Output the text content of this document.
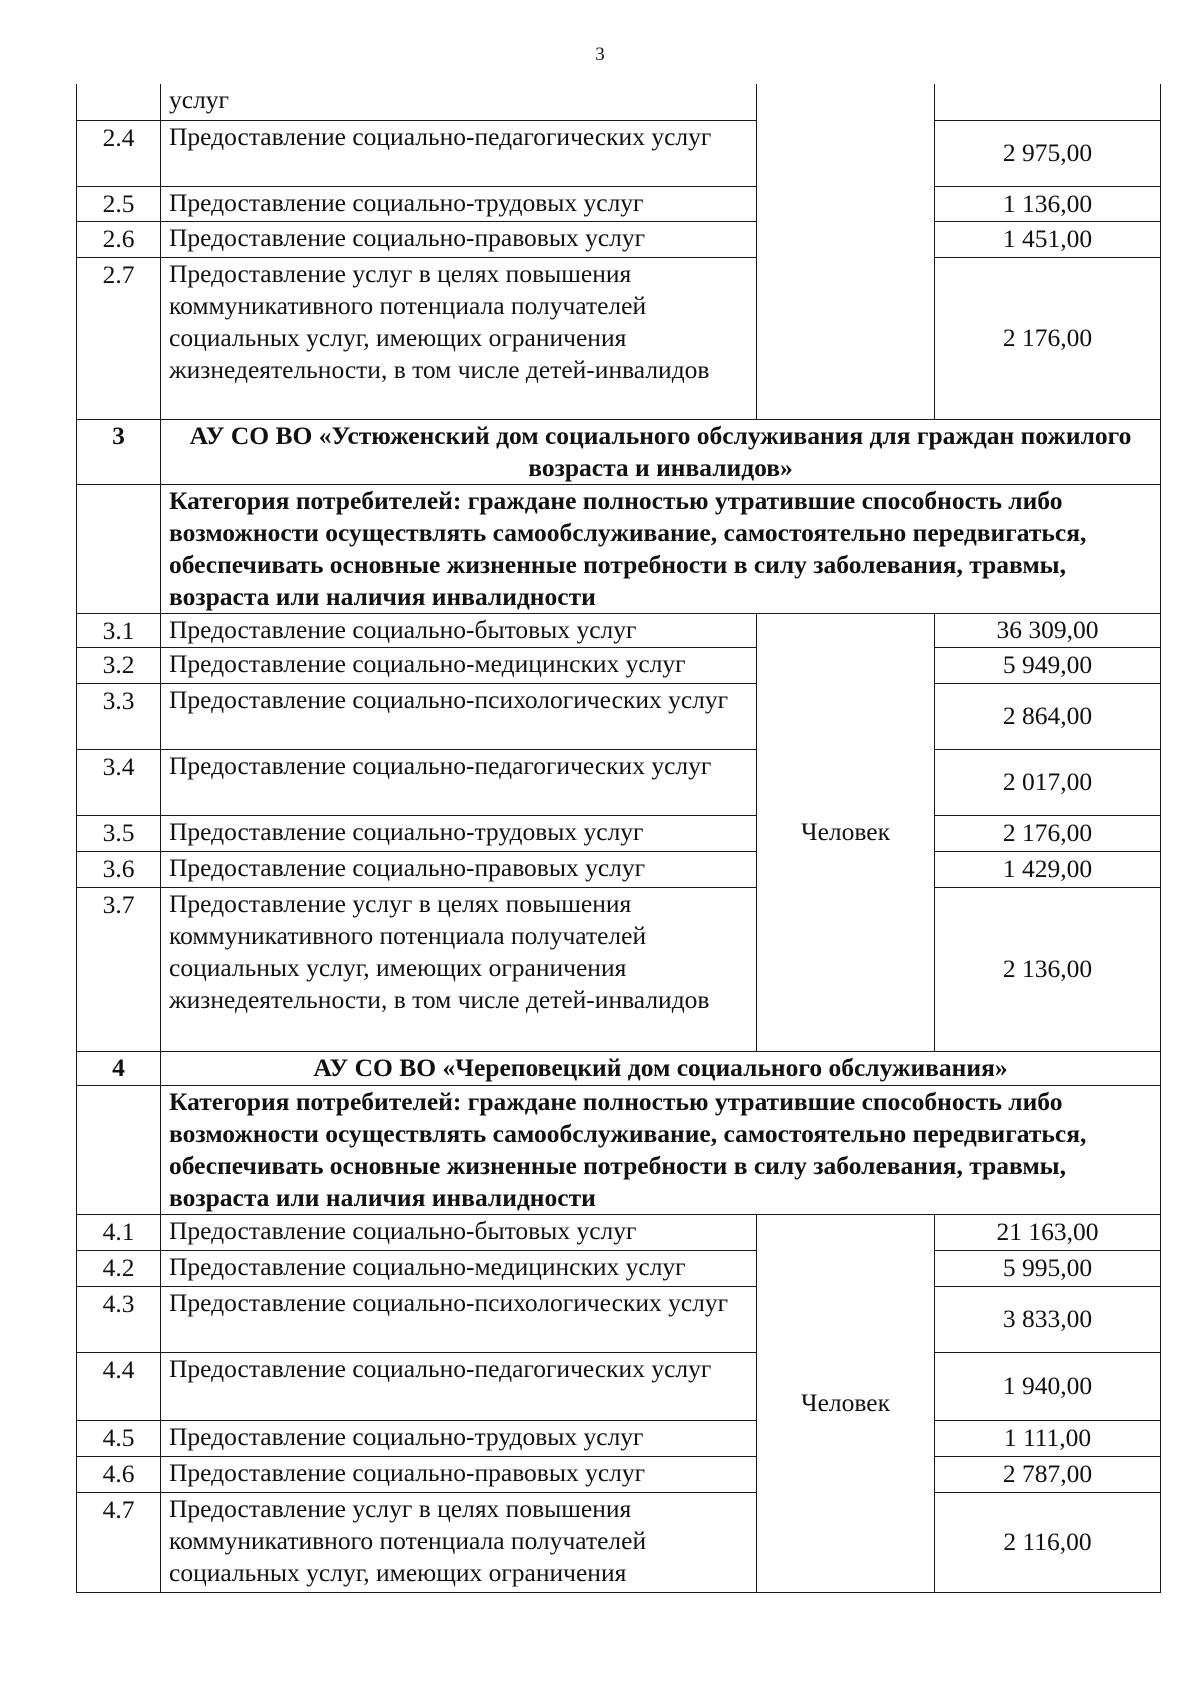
3
	услуг		
2.4	Предоставление социально-педагогических услуг		2 975,00
2.5	Предоставление социально-трудовых услуг		1 136,00
2.6	Предоставление социально-правовых услуг		1 451,00
2.7	Предоставление услуг в целях повышения коммуникативного потенциала получателей социальных услуг, имеющих ограничения жизнедеятельности, в том числе детей-инвалидов		2 176,00
3	АУ СО ВО «Устюженский дом социального обслуживания для граждан пожилого возраста и инвалидов»		
	Категория потребителей: граждане полностью утратившие способность либо возможности осуществлять самообслуживание, самостоятельно передвигаться, обеспечивать основные жизненные потребности в силу заболевания, травмы, возраста или наличия инвалидности		
3.1	Предоставление социально-бытовых услуг	Человек	36 309,00
3.2	Предоставление социально-медицинских услуг		5 949,00
3.3	Предоставление социально-психологических услуг		2 864,00
3.4	Предоставление социально-педагогических услуг		2 017,00
3.5	Предоставление социально-трудовых услуг		2 176,00
3.6	Предоставление социально-правовых услуг		1 429,00
3.7	Предоставление услуг в целях повышения коммуникативного потенциала получателей социальных услуг, имеющих ограничения жизнедеятельности, в том числе детей-инвалидов		2 136,00
4	АУ СО ВО «Череповецкий дом социального обслуживания»		
	Категория потребителей: граждане полностью утратившие способность либо возможности осуществлять самообслуживание, самостоятельно передвигаться, обеспечивать основные жизненные потребности в силу заболевания, травмы, возраста или наличия инвалидности		
4.1	Предоставление социально-бытовых услуг	Человек	21 163,00
4.2	Предоставление социально-медицинских услуг		5 995,00
4.3	Предоставление социально-психологических услуг		3 833,00
4.4	Предоставление социально-педагогических услуг		1 940,00
4.5	Предоставление социально-трудовых услуг		1 111,00
4.6	Предоставление социально-правовых услуг		2 787,00
4.7	Предоставление услуг в целях повышения коммуникативного потенциала получателей социальных услуг, имеющих ограничения		2 116,00
